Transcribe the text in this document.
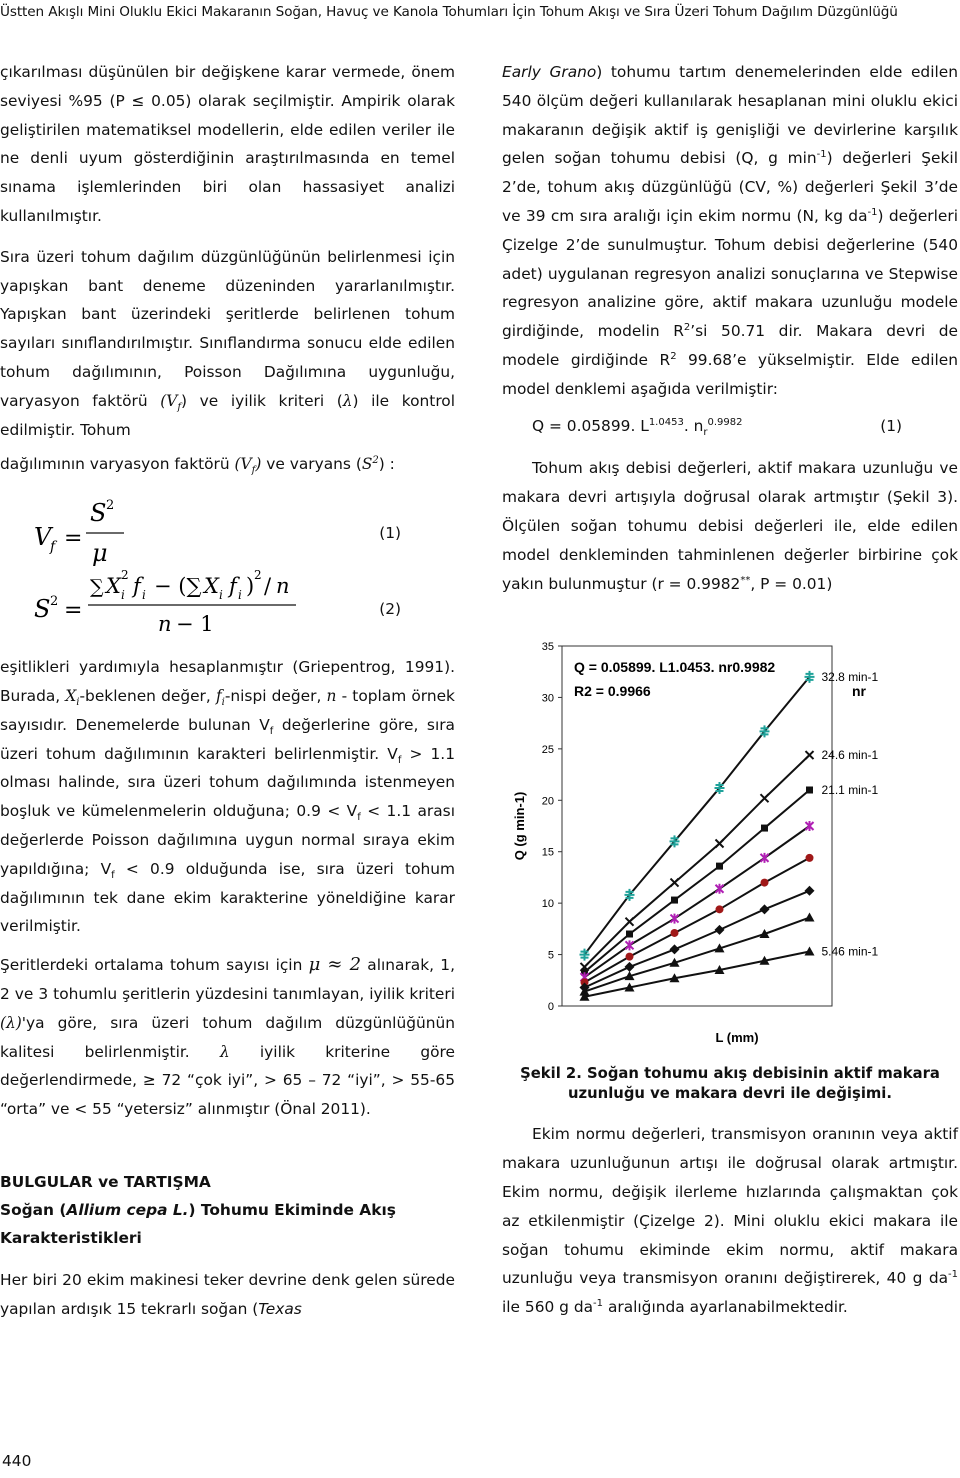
Üstten Akışlı Mini Oluklu Ekici Makaranın Soğan, Havuç ve Kanola Tohumları İçin Tohum Akışı ve Sıra Üzeri Tohum Dağılım Düzgünlüğü

çıkarılması düşünülen bir değişkene karar vermede, önem seviyesi %95 (P ≤ 0.05) olarak seçilmiştir. Ampirik olarak geliştirilen matematiksel modellerin, elde edilen veriler ile ne denli uyum gösterdiğinin araştırılmasında en temel sınama işlemlerinden biri olan hassasiyet analizi kullanılmıştır.

Sıra üzeri tohum dağılım düzgünlüğünün belirlenmesi için yapışkan bant deneme düzeninden yararlanılmıştır. Yapışkan bant üzerindeki şeritlerde belirlenen tohum sayıları sınıflandırılmıştır. Sınıflandırma sonucu elde edilen tohum dağılımının, Poisson Dağılımına uygunluğu, varyasyon faktörü $(V_f)$ ve iyilik kriteri (λ) ile kontrol edilmiştir. Tohum

dağılımının varyasyon faktörü $(V_f)$ ve varyans $(S^2)$ :

V
f =
S 2
μ
S 2 =
∑ X i
2 f i − (∑ X i f i ) 2 / n
n − 1
(1)
(2)

eşitlikleri yardımıyla hesaplanmıştır (Griepentrog, 1991). Burada, $X_i$-beklenen değer, $f_i$-nispi değer, n - toplam örnek sayısıdır. Denemelerde bulunan $V_f$ değerlerine göre, sıra üzeri tohum dağılımının karakteri belirlenmiştir. $V_f > 1.1$ olması halinde, sıra üzeri tohum dağılımında istenmeyen boşluk ve kümelenmelerin olduğuna; $0.9 < V_f < 1.1$ arası değerlerde Poisson dağılımına uygun normal sıraya ekim yapıldığına; $V_f < 0.9$ olduğunda ise, sıra üzeri tohum dağılımının tek dane ekim karakterine yöneldiğine karar verilmiştir.

Şeritlerdeki ortalama tohum sayısı için μ ≈ 2 alınarak, 1, 2 ve 3 tohumlu şeritlerin yüzdesini tanımlayan, iyilik kriteri (λ)'ya göre, sıra üzeri tohum dağılım düzgünlüğünün kalitesi belirlenmiştir. λ iyilik kriterine göre değerlendirmede, ≥ 72 “çok iyi”, > 65 – 72 “iyi”, > 55-65 “orta” ve < 55 “yetersiz” alınmıştır (Önal 2011).

BULGULAR ve TARTIŞMA
Soğan (Allium cepa L.) Tohumu Ekiminde Akış Karakteristikleri

Her biri 20 ekim makinesi teker devrine denk gelen sürede yapılan ardışık 15 tekrarlı soğan (Texas

Early Grano) tohumu tartım denemelerinden elde edilen 540 ölçüm değeri kullanılarak hesaplanan mini oluklu ekici makaranın değişik aktif iş genişliği ve devirlerine karşılık gelen soğan tohumu debisi (Q, g $\min^{-1}$) değerleri Şekil 2’de, tohum akış düzgünlüğü (CV, %) değerleri Şekil 3’de ve 39 cm sıra aralığı için ekim normu (N, kg $da^{-1}$) değerleri Çizelge 2’de sunulmuştur. Tohum debisi değerlerine (540 adet) uygulanan regresyon analizi sonuçlarına ve Stepwise regresyon analizine göre, aktif makara uzunluğu modele girdiğinde, modelin $R^2’si$ 50.71 dir. Makara devri de modele girdiğinde $R^2$ 99.68’e yükselmiştir. Elde edilen model denklemi aşağıda verilmiştir:

Q = 0.05899. $L^{1.0453}$. $n_r^{0.9982}$	(1)

Tohum akış debisi değerleri, aktif makara uzunluğu ve makara devri artışıyla doğrusal olarak artmıştır (Şekil 3). Ölçülen soğan tohumu debisi değerleri ile, elde edilen model denkleminden tahminlenen değerler birbirine çok yakın bulunmuştur (r = 0.9982**, P = 0.01)

0
5
10
15
20
25
30
35
Q (g min-1)
L (mm)
Q = 0.05899. L1.0453. nr0.9982
R2 = 0.9966	nr
32.8 min-1
24.6 min-1
21.1 min-1
5.46 min-1
Şekil 2. Soğan tohumu akış debisinin aktif makara uzunluğu ve makara devri ile değişimi.

Ekim normu değerleri, transmisyon oranının veya aktif makara uzunluğunun artışı ile doğrusal olarak artmıştır. Ekim normu, değişik ilerleme hızlarında çalışmaktan çok az etkilenmiştir (Çizelge 2). Mini oluklu ekici makara ile soğan tohumu ekiminde ekim normu, aktif makara uzunluğu veya transmisyon oranını değiştirerek, 40 g $da^{-1}$ ile 560 g $da^{-1}$ aralığında ayarlanabilmektedir.

440
